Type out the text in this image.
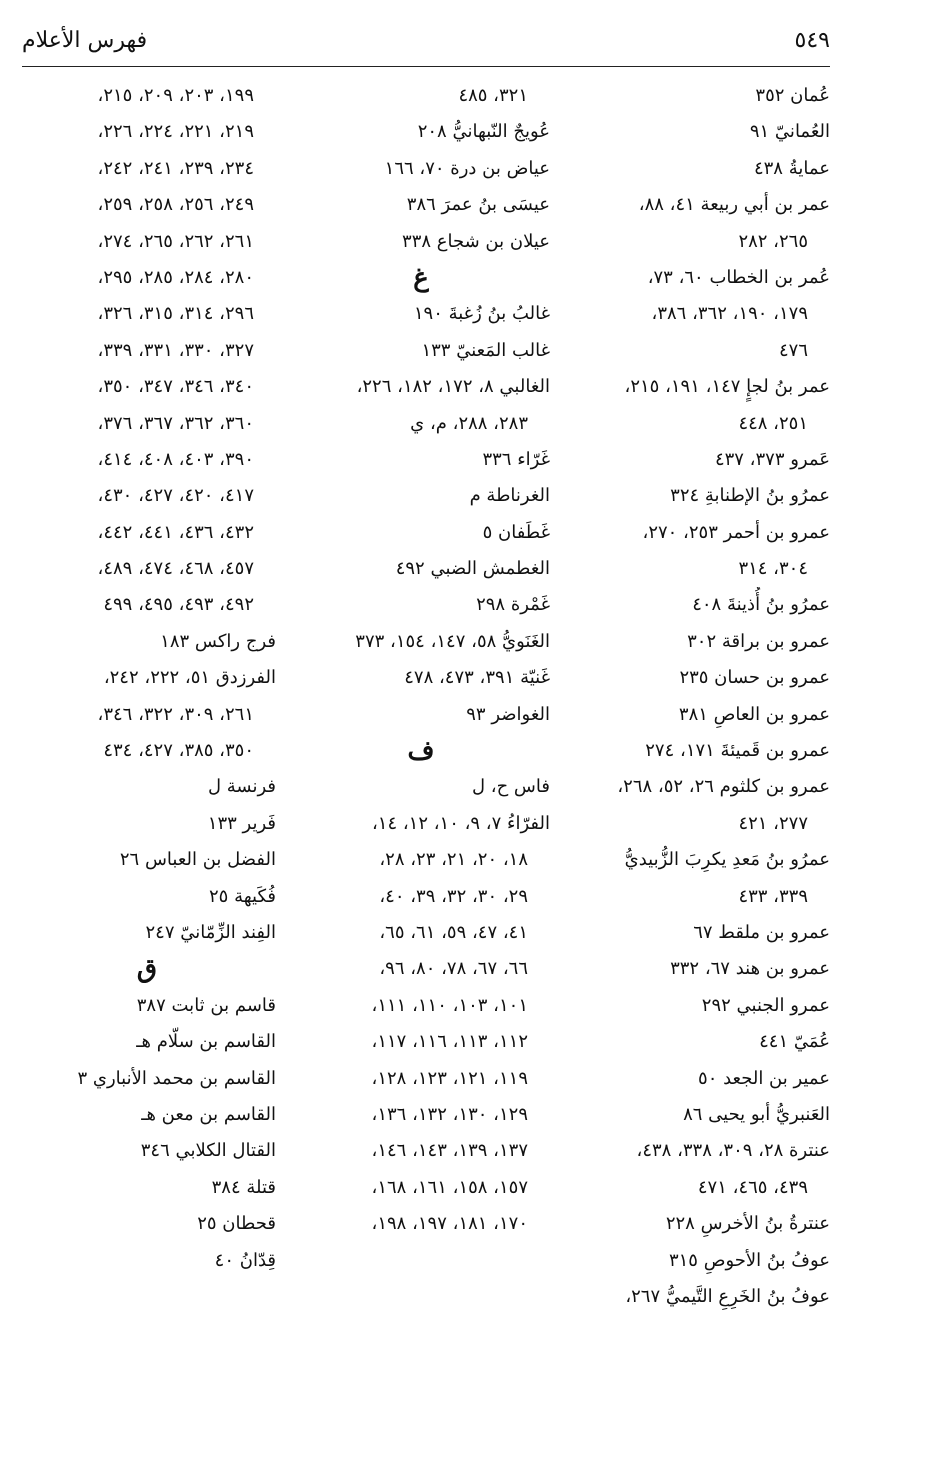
٥٤٩
فهرس الأعلام
عُمان ٣٥٢
العُمانيّ ٩١
عمايةُ ٤٣٨
عمر بن أبي ربيعة ٤١، ٨٨،
٢٦٥، ٢٨٢
عُمر بن الخطاب ٦٠، ٧٣،
١٧٩، ١٩٠، ٣٦٢، ٣٨٦،
٤٧٦
عمر بنُ لجإٍ ١٤٧، ١٩١، ٢١٥،
٢٥١، ٤٤٨
عَمرو ٣٧٣، ٤٣٧
عمرُو بنُ الإطنابةِ ٣٢٤
عمرو بن أحمر ٢٥٣، ٢٧٠،
٣٠٤، ٣١٤
عمرُو بنُ أُذينةَ ٤٠٨
عمرو بن براقة ٣٠٢
عمرو بن حسان ٢٣٥
عمرو بن العاصِ ٣٨١
عمرو بن قَميئةَ ١٧١، ٢٧٤
عمرو بن كلثوم ٢٦، ٥٢، ٢٦٨،
٢٧٧، ٤٢١
عمرُو بنُ مَعدِ يكرِبَ الزُّبيديُّ
٣٣٩، ٤٣٣
عمرو بن ملقط ٦٧
عمرو بن هند ٦٧، ٣٣٢
عمرو الجنبي ٢٩٢
عُمَيّ ٤٤١
عمير بن الجعد ٥٠
العَنبريُّ أبو يحيى ٨٦
عنترة ٢٨، ٣٠٩، ٣٣٨، ٤٣٨،
٤٣٩، ٤٦٥، ٤٧١
عنترةُ بنُ الأخرسِ ٢٢٨
عوفُ بنُ الأحوصِ ٣١٥
عوفُ بنُ الخَرِعِ التَّيميُّ ٢٦٧،
٣٢١، ٤٨٥
عُويجٌ النّبهانيُّ ٢٠٨
عياض بن درة ٧٠، ١٦٦
عيسَى بنُ عمرَ ٣٨٦
عيلان بن شجاع ٣٣٨
غ
غالبُ بنُ زُغبةَ ١٩٠
غالب المَعنيّ ١٣٣
الغالبي ٨، ١٧٢، ١٨٢، ٢٢٦،
٢٨٣، ٢٨٨، م، ي
غَرّاء ٣٣٦
الغرناطة م
غَطَفان ٥
الغطمش الضبي ٤٩٢
غَمْرة ٢٩٨
الغَنَويُّ ٥٨، ١٤٧، ١٥٤، ٣٧٣
غَنيّة ٣٩١، ٤٧٣، ٤٧٨
الغواضر ٩٣
ف
فاس ح، ل
الفرّاءُ ٧، ٩، ١٠، ١٢، ١٤،
١٨، ٢٠، ٢١، ٢٣، ٢٨،
٢٩، ٣٠، ٣٢، ٣٩، ٤٠،
٤١، ٤٧، ٥٩، ٦١، ٦٥،
٦٦، ٦٧، ٧٨، ٨٠، ٩٦،
١٠١، ١٠٣، ١١٠، ١١١،
١١٢، ١١٣، ١١٦، ١١٧،
١١٩، ١٢١، ١٢٣، ١٢٨،
١٢٩، ١٣٠، ١٣٢، ١٣٦،
١٣٧، ١٣٩، ١٤٣، ١٤٦،
١٥٧، ١٥٨، ١٦١، ١٦٨،
١٧٠، ١٨١، ١٩٧، ١٩٨،
١٩٩، ٢٠٣، ٢٠٩، ٢١٥،
٢١٩، ٢٢١، ٢٢٤، ٢٢٦،
٢٣٤، ٢٣٩، ٢٤١، ٢٤٢،
٢٤٩، ٢٥٦، ٢٥٨، ٢٥٩،
٢٦١، ٢٦٢، ٢٦٥، ٢٧٤،
٢٨٠، ٢٨٤، ٢٨٥، ٢٩٥،
٢٩٦، ٣١٤، ٣١٥، ٣٢٦،
٣٢٧، ٣٣٠، ٣٣١، ٣٣٩،
٣٤٠، ٣٤٦، ٣٤٧، ٣٥٠،
٣٦٠، ٣٦٢، ٣٦٧، ٣٧٦،
٣٩٠، ٤٠٣، ٤٠٨، ٤١٤،
٤١٧، ٤٢٠، ٤٢٧، ٤٣٠،
٤٣٢، ٤٣٦، ٤٤١، ٤٤٢،
٤٥٧، ٤٦٨، ٤٧٤، ٤٨٩،
٤٩٢، ٤٩٣، ٤٩٥، ٤٩٩
فرج راكس ١٨٣
الفرزدق ٥١، ٢٢٢، ٢٤٢،
٢٦١، ٣٠٩، ٣٢٢، ٣٤٦،
٣٥٠، ٣٨٥، ٤٢٧، ٤٣٤
فرنسة ل
فَرير ١٣٣
الفضل بن العباس ٢٦
فُكَيهة ٢٥
الفِند الزِّمّانيّ ٢٤٧
ق
قاسم بن ثابت ٣٨٧
القاسم بن سلّام هـ
القاسم بن محمد الأنباري ٣
القاسم بن معن هـ
القتال الكلابي ٣٤٦
قتلة ٣٨٤
قحطان ٢٥
قِدّانُ ٤٠
